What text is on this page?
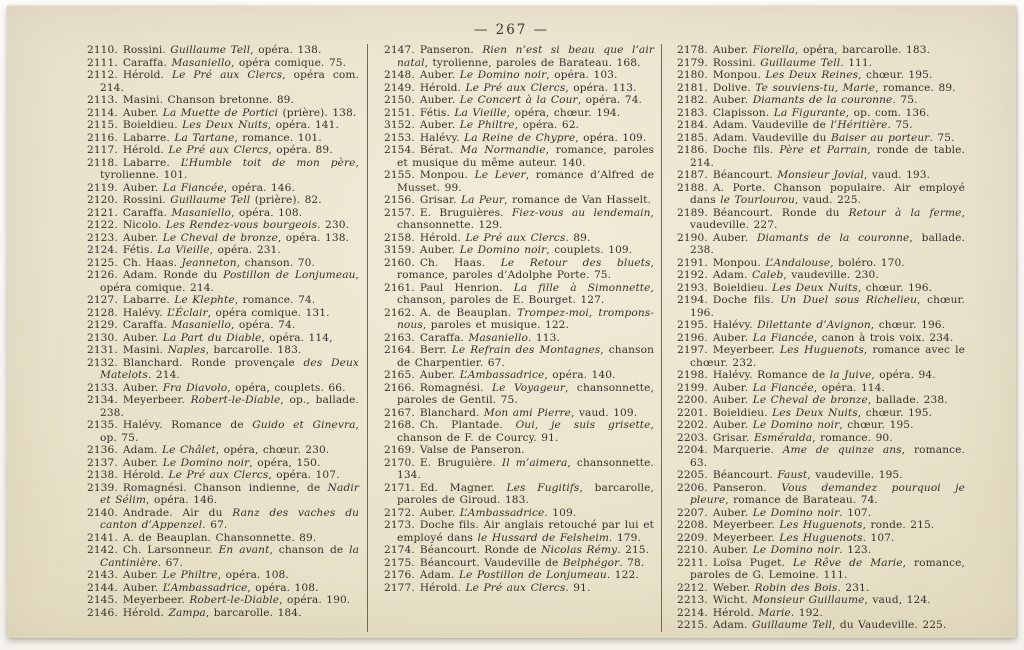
— 267 —
2110. Rossini. Guillaume Tell, opéra. 138.
2111. Caraffa. Masaniello, opéra comique. 75.
2112. Hérold. Le Pré aux Clercs, opéra com. 214.
2113. Masini. Chanson bretonne. 89.
2114. Auber. La Muette de Portici (prière). 138.
2115. Boieldieu. Les Deux Nuits, opéra. 141.
2116. Labarre. La Tartane, romance. 101.
2117. Hérold. Le Pré aux Clercs, opéra. 89.
2118. Labarre. L’Humble toit de mon père, tyrolienne. 101.
2119. Auber. La Fiancée, opéra. 146.
2120. Rossini. Guillaume Tell (prière). 82.
2121. Caraffa. Masaniello, opéra. 108.
2122. Nicolo. Les Rendez-vous bourgeois. 230.
2123. Auber. Le Cheval de bronze, opéra. 138.
2124. Fétis. La Vieille, opéra. 231.
2125. Ch. Haas. Jeanneton, chanson. 70.
2126. Adam. Ronde du Postillon de Lonjumeau, opéra comique. 214.
2127. Labarre. Le Klephte, romance. 74.
2128. Halévy. L’Éclair, opéra comique. 131.
2129. Caraffa. Masaniello, opéra. 74.
2130. Auber. La Part du Diable, opéra. 114,
2131. Masini. Naples, barcarolle. 183.
2132. Blanchard. Ronde provençale des Deux Matelots. 214.
2133. Auber. Fra Diavolo, opéra, couplets. 66.
2134. Meyerbeer. Robert-le-Diable, op., ballade. 238.
2135. Halévy. Romance de Guido et Ginevra, op. 75.
2136. Adam. Le Châlet, opéra, chœur. 230.
2137. Auber. Le Domino noir, opéra, 150.
2138. Hérold. Le Pré aux Clercs, opéra. 107.
2139. Romagnési. Chanson indienne, de Nadir et Sélim, opéra. 146.
2140. Andrade. Air du Ranz des vaches du canton d’Appenzel. 67.
2141. A. de Beauplan. Chansonnette. 89.
2142. Ch. Larsonneur. En avant, chanson de la Cantinière. 67.
2143. Auber. Le Philtre, opéra. 108.
2144. Auber. L’Ambassadrice, opéra. 108.
2145. Meyerbeer. Robert-le-Diable, opéra. 190.
2146. Hérold. Zampa, barcarolle. 184.
2147. Panseron. Rien n’est si beau que l’air natal, tyrolienne, paroles de Barateau. 168.
2148. Auber. Le Domino noir, opéra. 103.
2149. Hérold. Le Pré aux Clercs, opéra. 113.
2150. Auber. Le Concert à la Cour, opéra. 74.
2151. Fétis. La Vieille, opéra, chœur. 194.
3152. Auber. Le Philtre, opéra. 62.
2153. Halévy. La Reine de Chypre, opéra. 109.
2154. Bérat. Ma Normandie, romance, paroles et musique du même auteur. 140.
2155. Monpou. Le Lever, romance d’Alfred de Musset. 99.
2156. Grisar. La Peur, romance de Van Hasselt.
2157. E. Bruguières. Fiez-vous au lendemain, chansonnette. 129.
2158. Hérold. Le Pré aux Clercs. 89.
3159. Auber. Le Domino noir, couplets. 109.
2160. Ch. Haas. Le Retour des bluets, romance, paroles d’Adolphe Porte. 75.
2161. Paul Henrion. La fille à Simonnette, chanson, paroles de E. Bourget. 127.
2162. A. de Beauplan. Trompez-moi, trompons-nous, paroles et musique. 122.
2163. Caraffa. Masaniello. 113.
2164. Berr. Le Refrain des Montagnes, chanson de Charpentier. 67.
2165. Auber. L’Ambassadrice, opéra. 140.
2166. Romagnési. Le Voyageur, chansonnette, paroles de Gentil. 75.
2167. Blanchard. Mon ami Pierre, vaud. 109.
2168. Ch. Plantade. Oui, je suis grisette, chanson de F. de Courcy. 91.
2169. Valse de Panseron.
2170. E. Bruguière. Il m’aimera, chansonnette. 134.
2171. Ed. Magner. Les Fugitifs, barcarolle, paroles de Giroud. 183.
2172. Auber. L’Ambassadrice. 109.
2173. Doche fils. Air anglais retouché par lui et employé dans le Hussard de Felsheim. 179.
2174. Béancourt. Ronde de Nicolas Rémy. 215.
2175. Béancourt. Vaudeville de Belphégor. 78.
2176. Adam. Le Postillon de Lonjumeau. 122.
2177. Hérold. Le Pré aux Clercs. 91.
2178. Auber. Fiorella, opéra, barcarolle. 183.
2179. Rossini. Guillaume Tell. 111.
2180. Monpou. Les Deux Reines, chœur. 195.
2181. Dolive. Te souviens-tu, Marie, romance. 89.
2182. Auber. Diamants de la couronne. 75.
2183. Clapisson. La Figurante, op. com. 136.
2184. Adam. Vaudeville de l’Héritière. 75.
2185. Adam. Vaudeville du Baiser au porteur. 75.
2186. Doche fils. Père et Parrain, ronde de table. 214.
2187. Béancourt. Monsieur Jovial, vaud. 193.
2188. A. Porte. Chanson populaire. Air employé dans le Tourlourou, vaud. 225.
2189. Béancourt. Ronde du Retour à la ferme, vaudeville. 227.
2190. Auber. Diamants de la couronne, ballade. 238.
2191. Monpou. L’Andalouse, boléro. 170.
2192. Adam. Caleb, vaudeville. 230.
2193. Boieldieu. Les Deux Nuits, chœur. 196.
2194. Doche fils. Un Duel sous Richelieu, chœur. 196.
2195. Halévy. Dilettante d’Avignon, chœur. 196.
2196. Auber. La Fiancée, canon à trois voix. 234.
2197. Meyerbeer. Les Huguenots, romance avec le chœur. 232.
2198. Halévy. Romance de la Juive, opéra. 94.
2199. Auber. La Fiancée, opéra. 114.
2200. Auber. Le Cheval de bronze, ballade. 238.
2201. Boieldieu. Les Deux Nuits, chœur. 195.
2202. Auber. Le Domino noir, chœur. 195.
2203. Grisar. Esméralda, romance. 90.
2204. Marquerie. Ame de quinze ans, romance. 63.
2205. Béancourt. Faust, vaudeville. 195.
2206. Panseron. Vous demandez pourquoi je pleure, romance de Barateau. 74.
2207. Auber. Le Domino noir. 107.
2208. Meyerbeer. Les Huguenots, ronde. 215.
2209. Meyerbeer. Les Huguenots. 107.
2210. Auber. Le Domino noir. 123.
2211. Loïsa Puget. Le Rêve de Marie, romance, paroles de G. Lemoine. 111.
2212. Weber. Robin des Bois. 231.
2213. Wicht. Monsieur Guillaume, vaud, 124.
2214. Hérold. Marie. 192.
2215. Adam. Guillaume Tell, du Vaudeville. 225.
